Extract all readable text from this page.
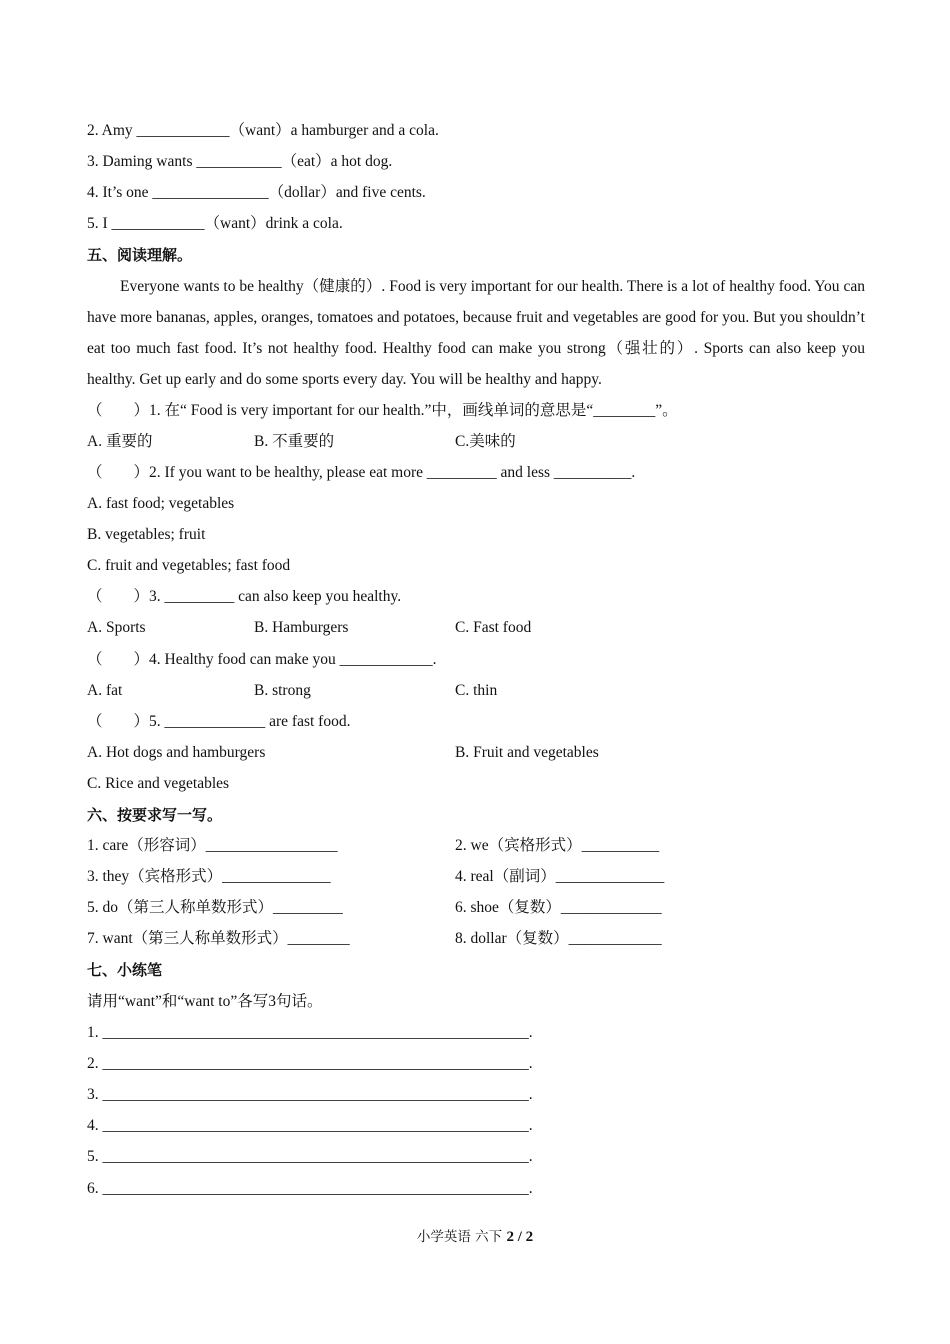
2. Amy ____________（want）a hamburger and a cola.
3. Daming wants ___________（eat）a hot dog.
4. It’s one _______________（dollar）and five cents.
5. I ____________（want）drink a cola.
五、阅读理解。
Everyone wants to be healthy（健康的）. Food is very important for our health. There is a lot of healthy food. You can have more bananas, apples, oranges, tomatoes and potatoes, because fruit and vegetables are good for you. But you shouldn’t eat too much fast food. It’s not healthy food. Healthy food can make you strong（强壮的）. Sports can also keep you healthy. Get up early and do some sports every day. You will be healthy and happy.
（　　）1. 在“ Food is very important for our health.”中，画线单词的意思是“________”。
A. 重要的	B. 不重要的	C.美味的
（　　）2. If you want to be healthy, please eat more _________ and less __________.
A. fast food; vegetables
B. vegetables; fruit
C. fruit and vegetables; fast food
（　　）3. _________ can also keep you healthy.
A. Sports	B. Hamburgers	C. Fast food
（　　）4. Healthy food can make you ____________.
A. fat	B. strong	C. thin
（　　）5. _____________ are fast food.
A. Hot dogs and hamburgers	B. Fruit and vegetables
C. Rice and vegetables
六、按要求写一写。
1. care（形容词）_________________	2. we（宾格形式）__________
3. they（宾格形式）______________	4. real（副词）______________
5. do（第三人称单数形式）_________	6. shoe（复数）_____________
7. want（第三人称单数形式）________	8. dollar（复数）____________
七、小练笔
请用“want”和“want to”各写3句话。
1. _______________________________________________________.
2. _______________________________________________________.
3. _______________________________________________________.
4. _______________________________________________________.
5. _______________________________________________________.
6. _______________________________________________________.
小学英语 六下 2 / 2
